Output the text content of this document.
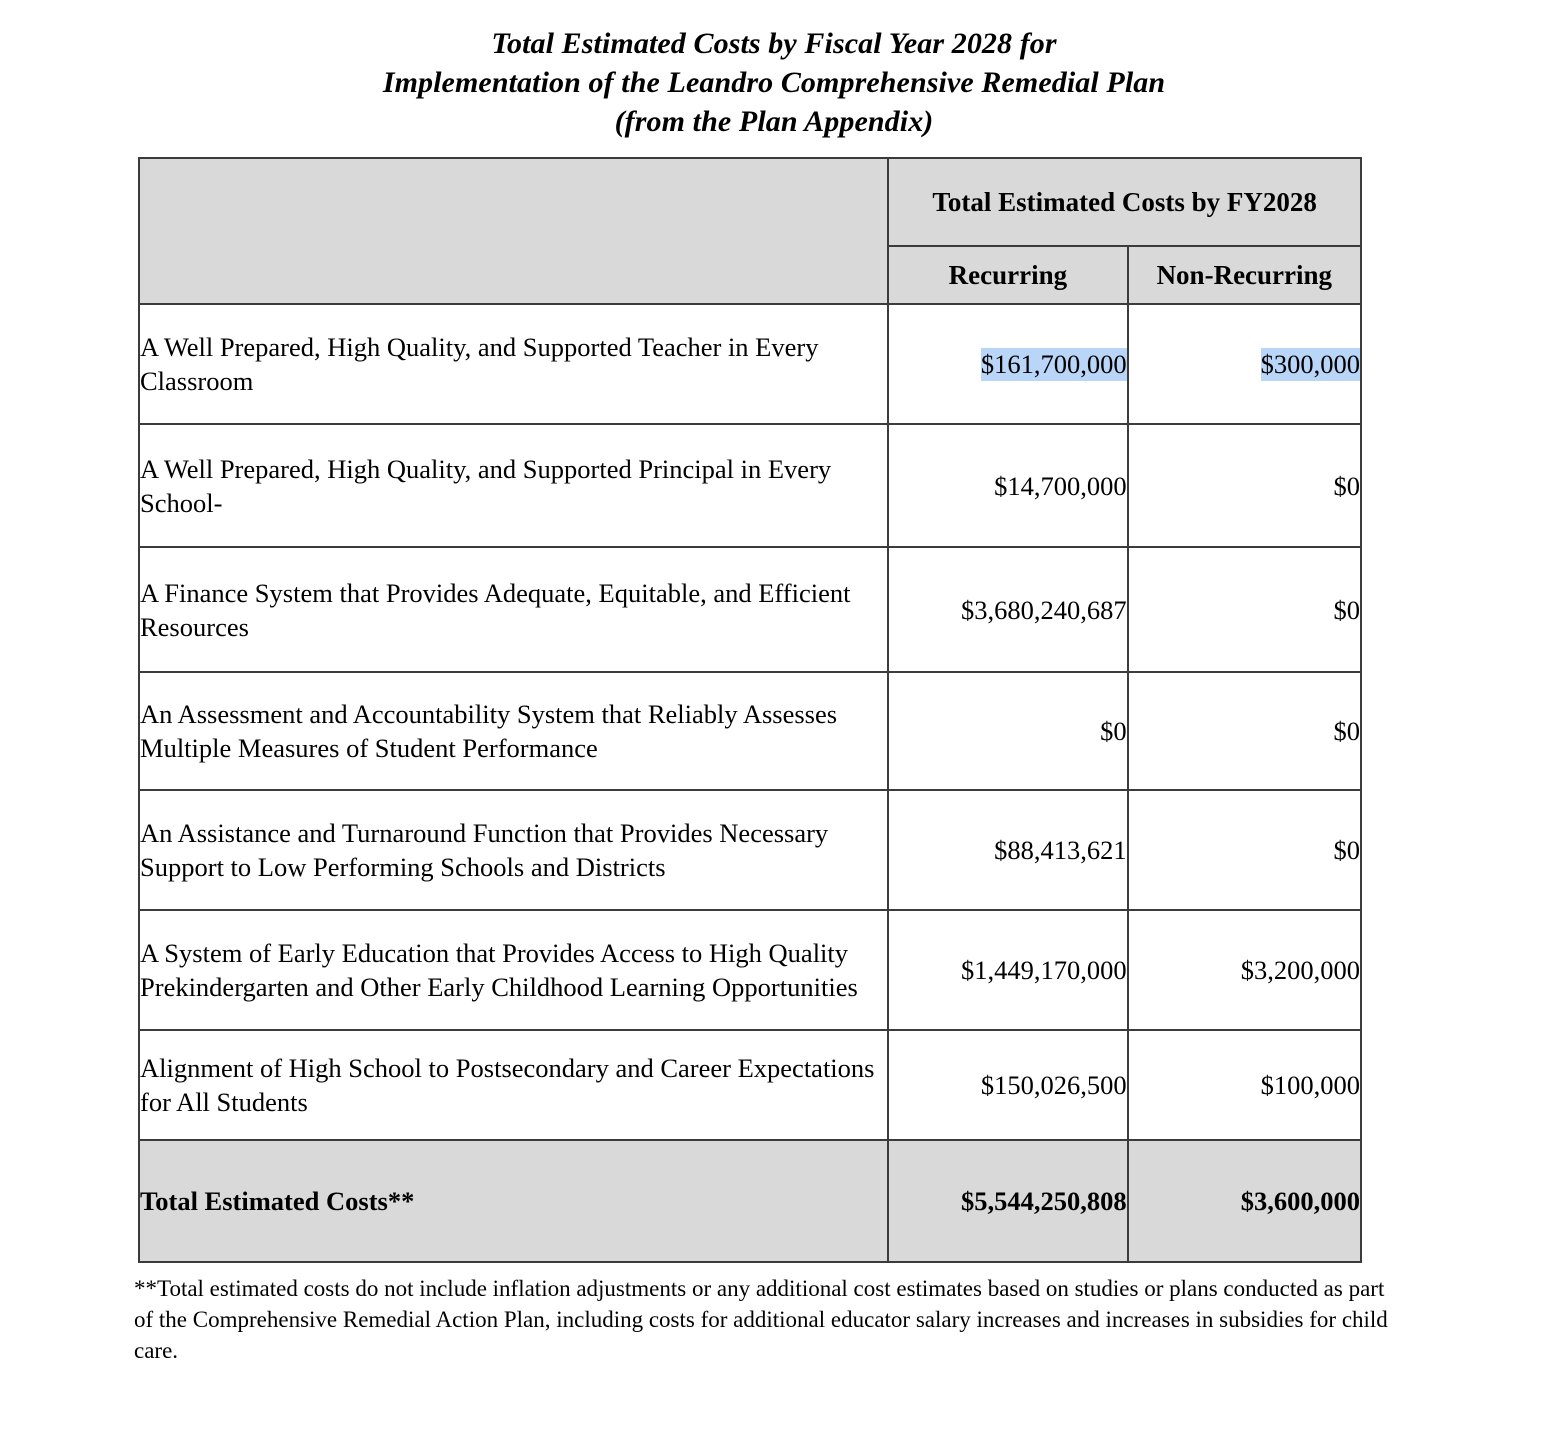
Total Estimated Costs by Fiscal Year 2028 for
Implementation of the Leandro Comprehensive Remedial Plan
(from the Plan Appendix)
	Total Estimated Costs by FY2028	
	Recurring	Non-Recurring
A Well Prepared, High Quality, and Supported Teacher in Every Classroom	$161,700,000	$300,000
A Well Prepared, High Quality, and Supported Principal in Every School-	$14,700,000	$0
A Finance System that Provides Adequate, Equitable, and Efficient Resources	$3,680,240,687	$0
An Assessment and Accountability System that Reliably Assesses Multiple Measures of Student Performance	$0	$0
An Assistance and Turnaround Function that Provides Necessary Support to Low Performing Schools and Districts	$88,413,621	$0
A System of Early Education that Provides Access to High Quality Prekindergarten and Other Early Childhood Learning Opportunities	$1,449,170,000	$3,200,000
Alignment of High School to Postsecondary and Career Expectations for All Students	$150,026,500	$100,000
Total Estimated Costs**	$5,544,250,808	$3,600,000
**Total estimated costs do not include inflation adjustments or any additional cost estimates based on studies or plans conducted as part of the Comprehensive Remedial Action Plan, including costs for additional educator salary increases and increases in subsidies for child care.
